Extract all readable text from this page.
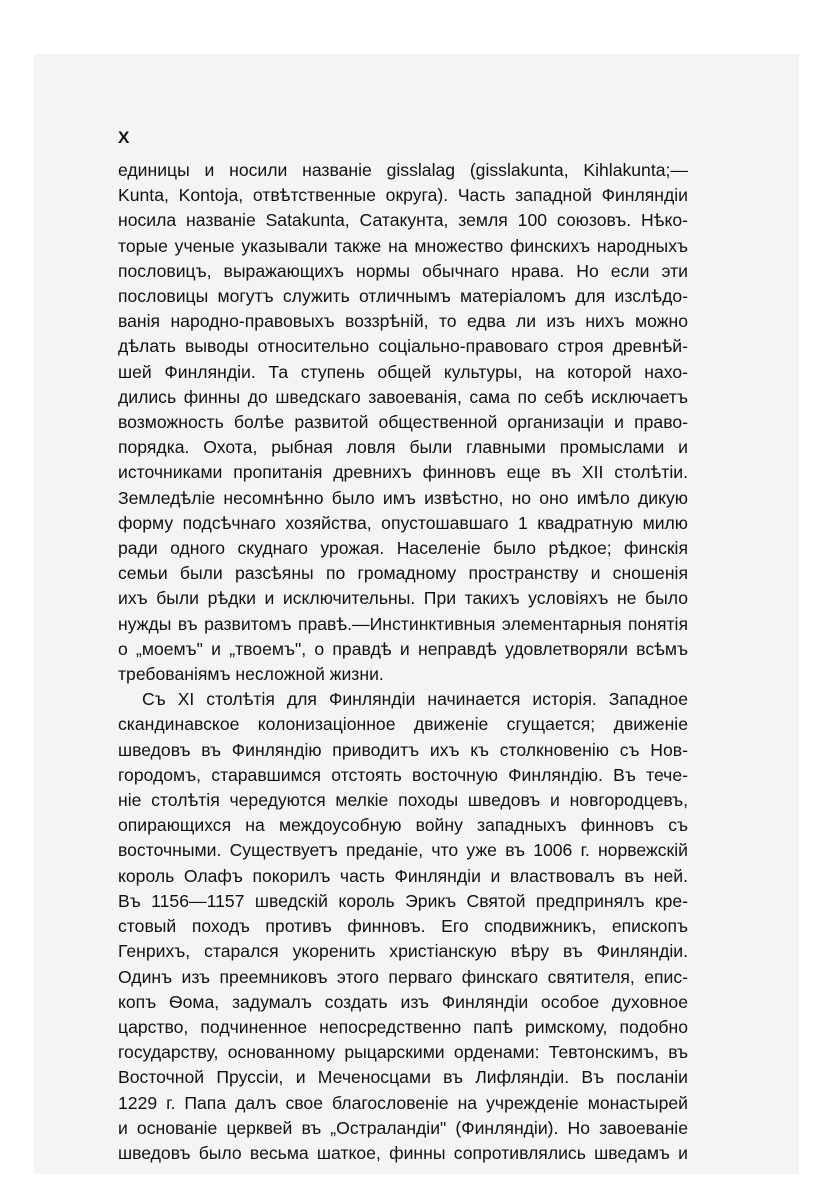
X

единицы и носили названіе gisslalag (gisslakunta, Kihlakunta;—
Kunta, Kontoja, отвѣтственные округа). Часть западной Финляндіи
носила названіе Satakunta, Сатакунта, земля 100 союзовъ. Нѣко-
торые ученые указывали также на множество финскихъ народныхъ
пословицъ, выражающихъ нормы обычнаго нрава. Но если эти
пословицы могутъ служить отличнымъ матеріаломъ для изслѣдо-
ванія народно-правовыхъ воззрѣній, то едва ли изъ нихъ можно
дѣлать выводы относительно соціально-правоваго строя древнѣй-
шей Финляндіи. Та ступень общей культуры, на которой нахо-
дились финны до шведскаго завоеванія, сама по себѣ исключаетъ
возможность болѣе развитой общественной организаціи и право-
порядка. Охота, рыбная ловля были главными промыслами и
источниками пропитанія древнихъ финновъ еще въ XII столѣтіи.
Земледѣліе несомнѣнно было имъ извѣстно, но оно имѣло дикую
форму подсѣчнаго хозяйства, опустошавшаго 1 квадратную милю
ради одного скуднаго урожая. Населеніе было рѣдкое; финскія
семьи были разсѣяны по громадному пространству и сношенія
ихъ были рѣдки и исключительны. При такихъ условіяхъ не было
нужды въ развитомъ правѣ.—Инстинктивныя элементарныя понятія
о „моемъ" и „твоемъ", о правдѣ и неправдѣ удовлетворяли всѣмъ
требованіямъ несложной жизни.

Съ XI столѣтія для Финляндіи начинается исторія. Западное
скандинавское колонизаціонное движеніе сгущается; движеніе
шведовъ въ Финляндію приводитъ ихъ къ столкновенію съ Нов-
городомъ, старавшимся отстоять восточную Финляндію. Въ тече-
ніе столѣтія чередуются мелкіе походы шведовъ и новгородцевъ,
опирающихся на междоусобную войну западныхъ финновъ съ
восточными. Существуетъ преданіе, что уже въ 1006 г. норвежскій
король Олафъ покорилъ часть Финляндіи и властвовалъ въ ней.
Въ 1156—1157 шведскій король Эрикъ Святой предпринялъ кре-
стовый походъ противъ финновъ. Его сподвижникъ, епископъ
Генрихъ, старался укоренить христіанскую вѣру въ Финляндіи.
Одинъ изъ преемниковъ этого перваго финскаго святителя, епис-
копъ Ѳома, задумалъ создать изъ Финляндіи особое духовное
царство, подчиненное непосредственно папѣ римскому, подобно
государству, основанному рыцарскими орденами: Тевтонскимъ, въ
Восточной Пруссіи, и Меченосцами въ Лифляндіи. Въ посланіи
1229 г. Папа далъ свое благословеніе на учрежденіе монастырей
и основаніе церквей въ „Остраландіи" (Финляндіи). Но завоеваніе
шведовъ было весьма шаткое, финны сопротивлялись шведамъ и
